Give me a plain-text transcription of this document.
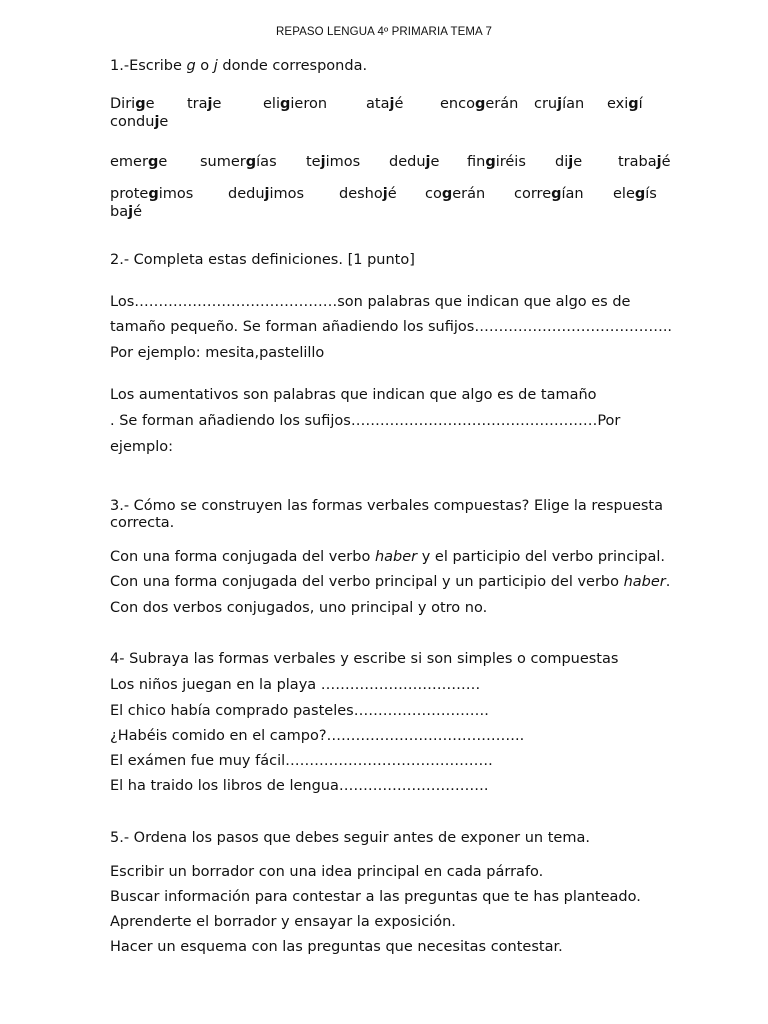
REPASO LENGUA 4º PRIMARIA TEMA 7
1.-Escribe g o j donde corresponda.
Dirige traje	eligieron	atajé	encogerán crujían exigí
conduje
emerge sumergías tejimos deduje fingiréis dije trabajé
protegimos dedujimos deshojé cogerán corregían elegís
bajé
2.- Completa estas definiciones. [1 punto]
Los……………………………………son palabras que indican que algo es de
tamaño pequeño. Se forman añadiendo los sufijos…………………………………..
Por ejemplo: mesita,pastelillo
Los aumentativos son palabras que indican que algo es de tamaño
. Se forman añadiendo los sufijos……………………………………………Por
ejemplo:
3.- Cómo se construyen las formas verbales compuestas? Elige la respuesta
correcta.
Con una forma conjugada del verbo haber y el participio del verbo principal.
Con una forma conjugada del verbo principal y un participio del verbo haber.
Con dos verbos conjugados, uno principal y otro no.
4- Subraya las formas verbales y escribe si son simples o compuestas
Los niños juegan en la playa ……………………………
El chico había comprado pasteles……………………….
¿Habéis comido en el campo?…………………………………..
El exámen fue muy fácil…………………………………….
El ha traido los libros de lengua………………………….
5.- Ordena los pasos que debes seguir antes de exponer un tema.
Escribir un borrador con una idea principal en cada párrafo.
Buscar información para contestar a las preguntas que te has planteado.
Aprenderte el borrador y ensayar la exposición.
Hacer un esquema con las preguntas que necesitas contestar.
